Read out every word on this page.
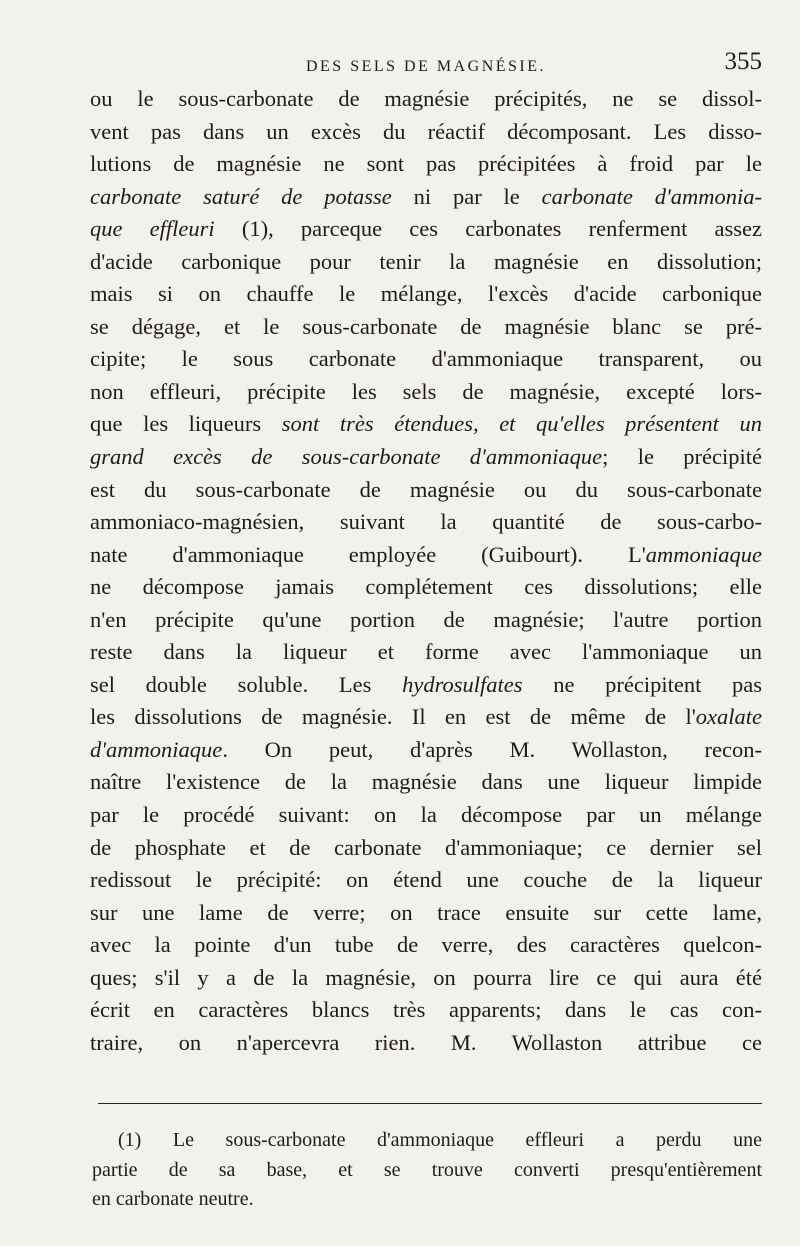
DES SELS DE MAGNÉSIE.	355
ou le sous-carbonate de magnésie précipités, ne se dissol-
vent pas dans un excès du réactif décomposant. Les disso-
lutions de magnésie ne sont pas précipitées à froid par le
carbonate saturé de potasse ni par le carbonate d'ammonia-
que effleuri (1), parceque ces carbonates renferment assez
d'acide carbonique pour tenir la magnésie en dissolution;
mais si on chauffe le mélange, l'excès d'acide carbonique
se dégage, et le sous-carbonate de magnésie blanc se pré-
cipite; le sous carbonate d'ammoniaque transparent, ou
non effleuri, précipite les sels de magnésie, excepté lors-
que les liqueurs sont très étendues, et qu'elles présentent un
grand excès de sous-carbonate d'ammoniaque; le précipité
est du sous-carbonate de magnésie ou du sous-carbonate
ammoniaco-magnésien, suivant la quantité de sous-carbo-
nate d'ammoniaque employée (Guibourt). L'ammoniaque
ne décompose jamais complétement ces dissolutions; elle
n'en précipite qu'une portion de magnésie; l'autre portion
reste dans la liqueur et forme avec l'ammoniaque un
sel double soluble. Les hydrosulfates ne précipitent pas
les dissolutions de magnésie. Il en est de même de l'oxalate
d'ammoniaque. On peut, d'après M. Wollaston, recon-
naître l'existence de la magnésie dans une liqueur limpide
par le procédé suivant: on la décompose par un mélange
de phosphate et de carbonate d'ammoniaque; ce dernier sel
redissout le précipité: on étend une couche de la liqueur
sur une lame de verre; on trace ensuite sur cette lame,
avec la pointe d'un tube de verre, des caractères quelcon-
ques; s'il y a de la magnésie, on pourra lire ce qui aura été
écrit en caractères blancs très apparents; dans le cas con-
traire, on n'apercevra rien. M. Wollaston attribue ce
(1) Le sous-carbonate d'ammoniaque effleuri a perdu une
partie de sa base, et se trouve converti presqu'entièrement
en carbonate neutre.
